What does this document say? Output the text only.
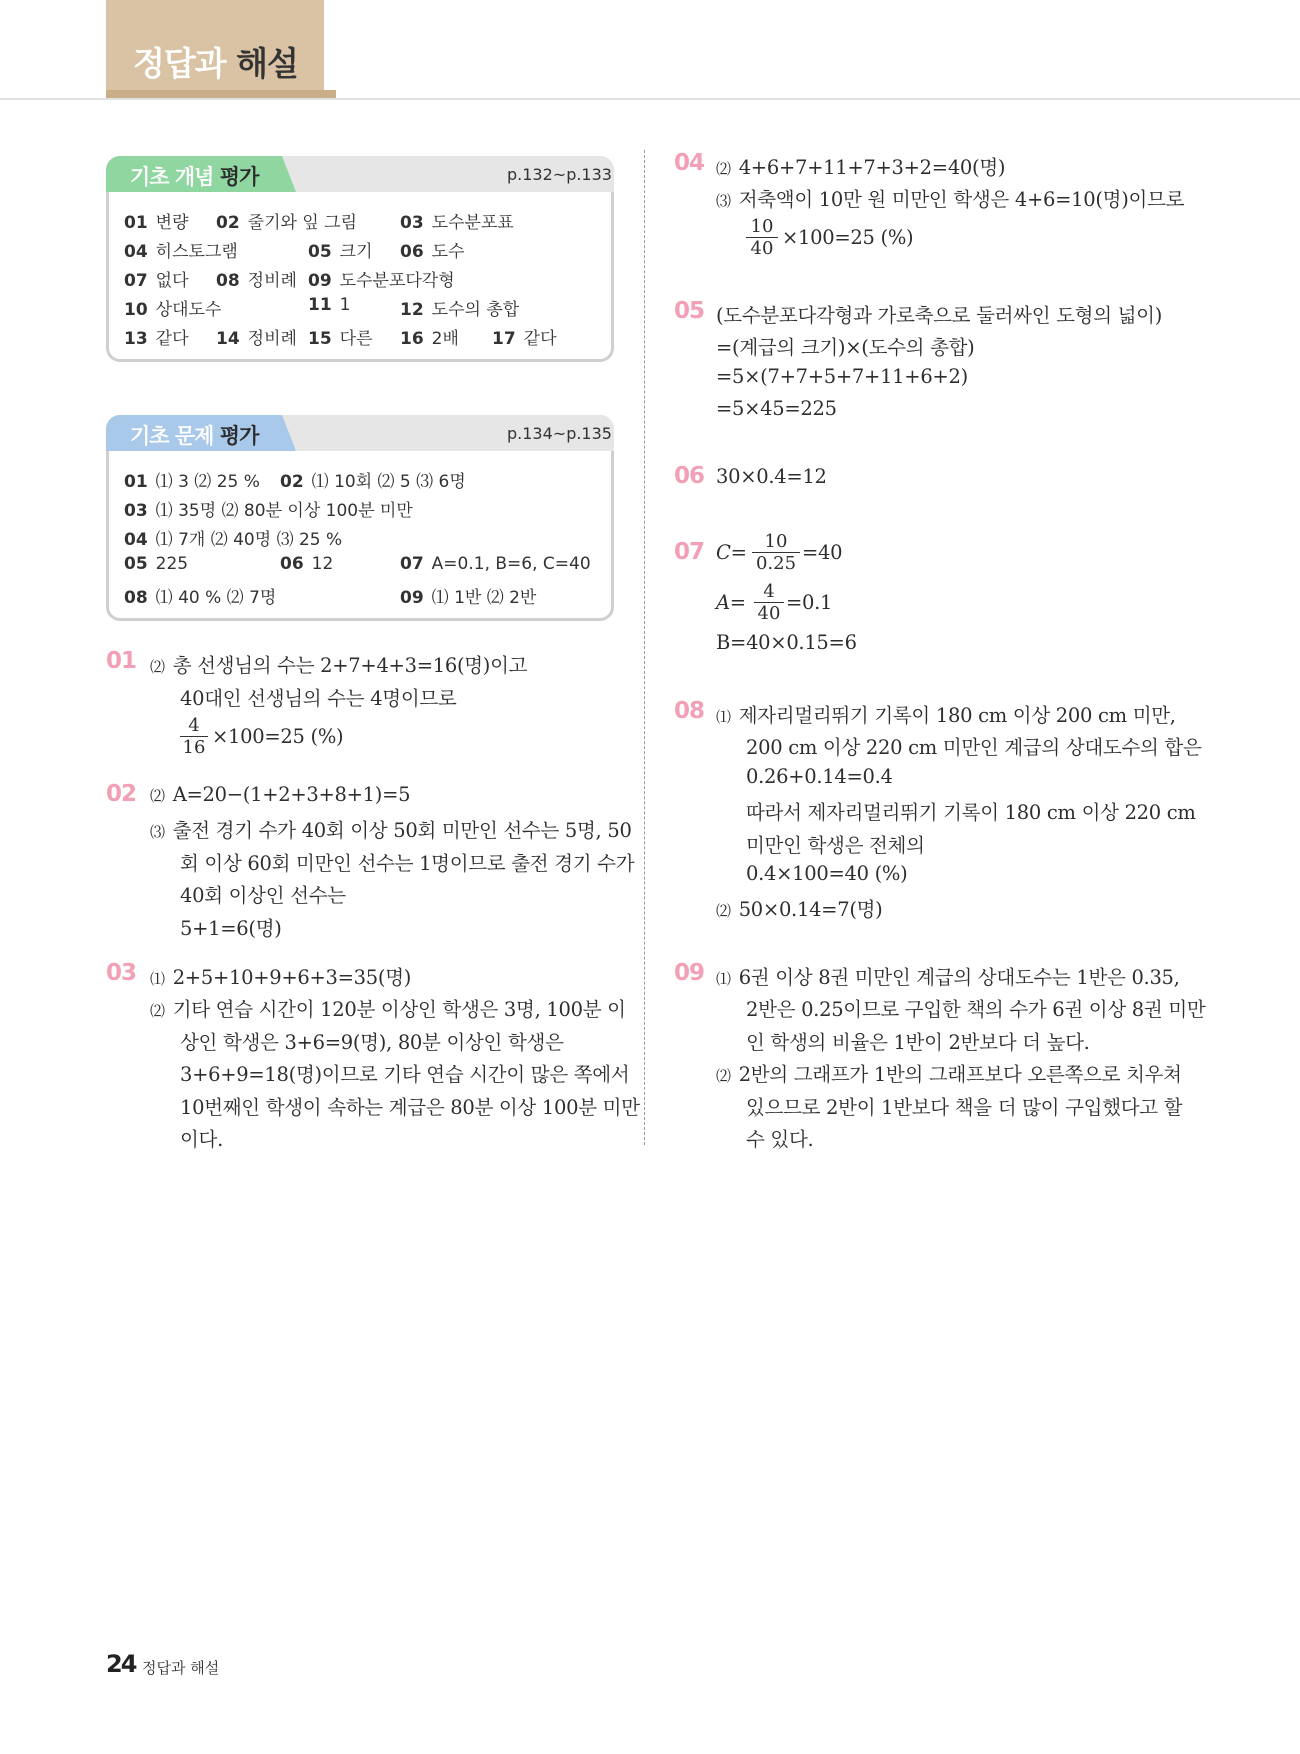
정답과 해설
기초 개념 평가	p.132~p.133
01 변량 02 줄기와 잎 그림	03 도수분포표
04 히스토그램	05 크기 06 도수
07 없다 08 정비례 09 도수분포다각형
10 상대도수	11 1	12 도수의 총합
13 같다 14 정비례 15 다른 16 2배 17 같다
기초 문제 평가	p.134~p.135
01 ⑴ 3 ⑵ 25 % 02 ⑴ 10회 ⑵ 5 ⑶ 6명
03 ⑴ 35명 ⑵ 80분 이상 100분 미만
04 ⑴ 7개 ⑵ 40명 ⑶ 25 %
05 225	06 12	07 A=0.1, B=6, C=40
08 ⑴ 40 % ⑵ 7명	09 ⑴ 1반 ⑵ 2반
01 ⑵ 총 선생님의 수는 2+7+4+3=16(명)이고
40대인 선생님의 수는 4명이므로
$\frac{4}{16} \times 100=25$ (%)
02 ⑵ A=20−(1+2+3+8+1)=5
⑶ 출전 경기 수가 40회 이상 50회 미만인 선수는 5명, 50
회 이상 60회 미만인 선수는 1명이므로 출전 경기 수가
40회 이상인 선수는
5+1=6(명)
03 ⑴ 2+5+10+9+6+3=35(명)
⑵ 기타 연습 시간이 120분 이상인 학생은 3명, 100분 이
상인 학생은 3+6=9(명), 80분 이상인 학생은
3+6+9=18(명)이므로 기타 연습 시간이 많은 쪽에서
10번째인 학생이 속하는 계급은 80분 이상 100분 미만
이다.
04 ⑵ 4+6+7+11+7+3+2=40(명)
⑶ 저축액이 10만 원 미만인 학생은 4+6=10(명)이므로
$\frac{10}{40} \times 100=25$ (%)
05 (도수분포다각형과 가로축으로 둘러싸인 도형의 넓이)
=(계급의 크기)×(도수의 총합)
=5×(7+7+5+7+11+6+2)
=5×45=225
06 30×0.4=12
07 $C= \frac{10}{0.25} =40$
$A= \frac{4}{40} =0.1$
B=40×0.15=6
08 ⑴ 제자리멀리뛰기 기록이 180 cm 이상 200 cm 미만,
200 cm 이상 220 cm 미만인 계급의 상대도수의 합은
0.26+0.14=0.4
따라서 제자리멀리뛰기 기록이 180 cm 이상 220 cm
미만인 학생은 전체의
0.4×100=40 (%)
⑵ 50×0.14=7(명)
09 ⑴ 6권 이상 8권 미만인 계급의 상대도수는 1반은 0.35,
2반은 0.25이므로 구입한 책의 수가 6권 이상 8권 미만
인 학생의 비율은 1반이 2반보다 더 높다.
⑵ 2반의 그래프가 1반의 그래프보다 오른쪽으로 치우쳐
있으므로 2반이 1반보다 책을 더 많이 구입했다고 할
수 있다.
24 정답과 해설
